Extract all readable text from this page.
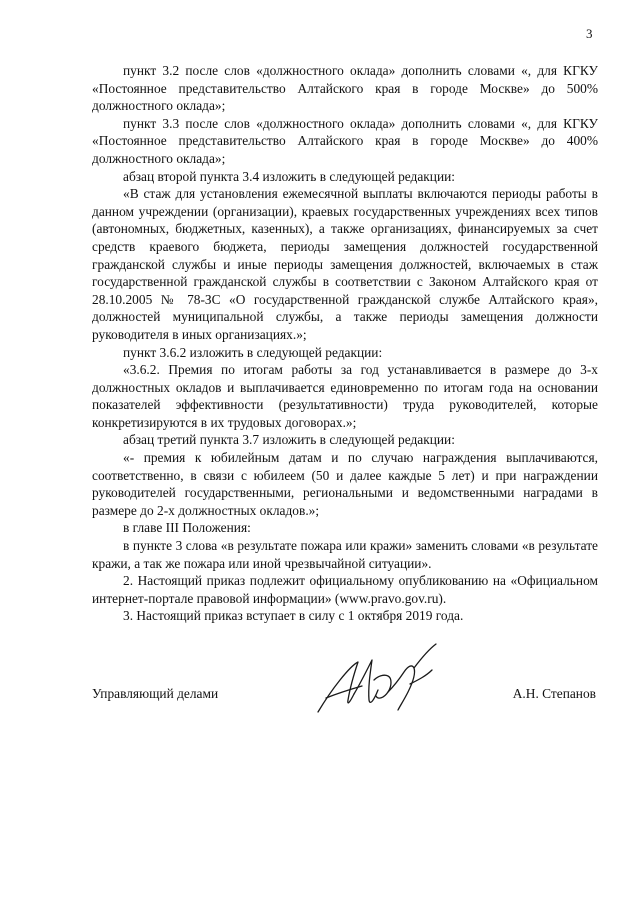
3

пункт 3.2 после слов «должностного оклада» дополнить словами «, для КГКУ «Постоянное представительство Алтайского края в городе Москве» до 500% должностного оклада»;

пункт 3.3 после слов «должностного оклада» дополнить словами «, для КГКУ «Постоянное представительство Алтайского края в городе Москве» до 400% должностного оклада»;

абзац второй пункта 3.4 изложить в следующей редакции:

«В стаж для установления ежемесячной выплаты включаются периоды работы в данном учреждении (организации), краевых государственных учреждениях всех типов (автономных, бюджетных, казенных), а также организациях, финансируемых за счет средств краевого бюджета, периоды замещения должностей государственной гражданской службы и иные периоды замещения должностей, включаемых в стаж государственной гражданской службы в соответствии с Законом Алтайского края от 28.10.2005 № 78-ЗС «О государственной гражданской службе Алтайского края», должностей муниципальной службы, а также периоды замещения должности руководителя в иных организациях.»;

пункт 3.6.2 изложить в следующей редакции:

«3.6.2. Премия по итогам работы за год устанавливается в размере до 3-х должностных окладов и выплачивается единовременно по итогам года на основании показателей эффективности (результативности) труда руководителей, которые конкретизируются в их трудовых договорах.»;

абзац третий пункта 3.7 изложить в следующей редакции:

«- премия к юбилейным датам и по случаю награждения выплачиваются, соответственно, в связи с юбилеем (50 и далее каждые 5 лет) и при награждении руководителей государственными, региональными и ведомственными наградами в размере до 2-х должностных окладов.»;

в главе III Положения:

в пункте 3 слова «в результате пожара или кражи» заменить словами «в результате кражи, а так же пожара или иной чрезвычайной ситуации».

2. Настоящий приказ подлежит официальному опубликованию на «Официальном интернет-портале правовой информации» (www.pravo.gov.ru).

3. Настоящий приказ вступает в силу с 1 октября 2019 года.

Управляющий делами	А.Н. Степанов
